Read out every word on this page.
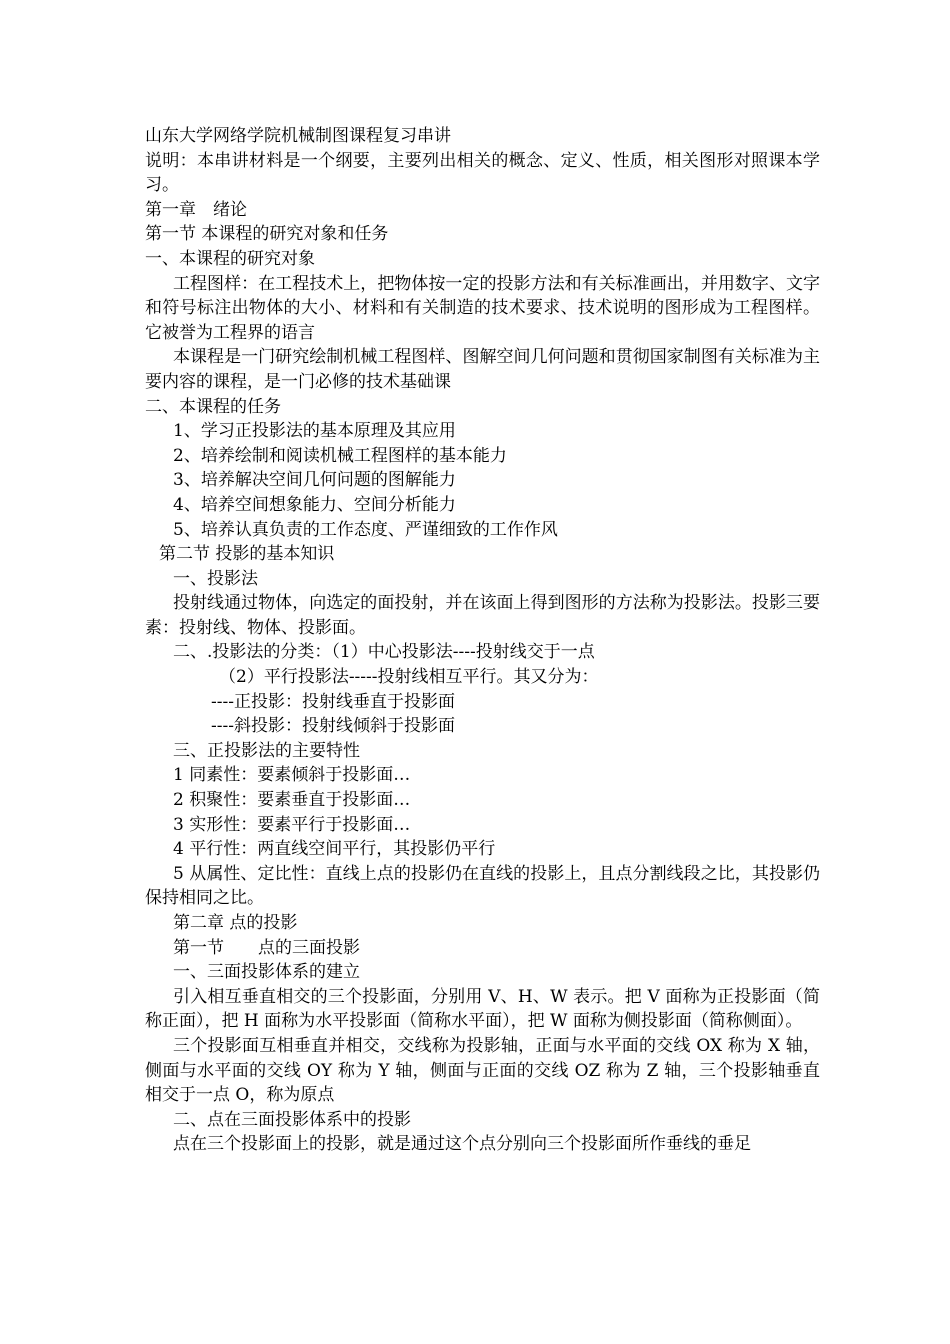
山东大学网络学院机械制图课程复习串讲
说明：本串讲材料是一个纲要，主要列出相关的概念、定义、性质，相关图形对照课本学习。
第一章　绪论
第一节 本课程的研究对象和任务
一、本课程的研究对象
工程图样：在工程技术上，把物体按一定的投影方法和有关标准画出，并用数字、文字和符号标注出物体的大小、材料和有关制造的技术要求、技术说明的图形成为工程图样。它被誉为工程界的语言
本课程是一门研究绘制机械工程图样、图解空间几何问题和贯彻国家制图有关标准为主要内容的课程，是一门必修的技术基础课
二、本课程的任务
1、学习正投影法的基本原理及其应用
2、培养绘制和阅读机械工程图样的基本能力
3、培养解决空间几何问题的图解能力
4、培养空间想象能力、空间分析能力
5、培养认真负责的工作态度、严谨细致的工作作风
第二节 投影的基本知识
一、投影法
投射线通过物体，向选定的面投射，并在该面上得到图形的方法称为投影法。投影三要素：投射线、物体、投影面。
二、.投影法的分类：（1）中心投影法----投射线交于一点
（2）平行投影法-----投射线相互平行。其又分为：
----正投影：投射线垂直于投影面
----斜投影：投射线倾斜于投影面
三、正投影法的主要特性
1 同素性：要素倾斜于投影面…
2 积聚性：要素垂直于投影面…
3 实形性：要素平行于投影面…
4 平行性：两直线空间平行，其投影仍平行
5 从属性、定比性：直线上点的投影仍在直线的投影上，且点分割线段之比，其投影仍保持相同之比。
第二章 点的投影
第一节　　点的三面投影
一、三面投影体系的建立
引入相互垂直相交的三个投影面，分别用 V、H、W 表示。把 V 面称为正投影面（简称正面），把 H 面称为水平投影面（简称水平面），把 W 面称为侧投影面（简称侧面）。
三个投影面互相垂直并相交，交线称为投影轴，正面与水平面的交线 OX 称为 X 轴，侧面与水平面的交线 OY 称为 Y 轴，侧面与正面的交线 OZ 称为 Z 轴，三个投影轴垂直相交于一点 O，称为原点
二、点在三面投影体系中的投影
点在三个投影面上的投影，就是通过这个点分别向三个投影面所作垂线的垂足
